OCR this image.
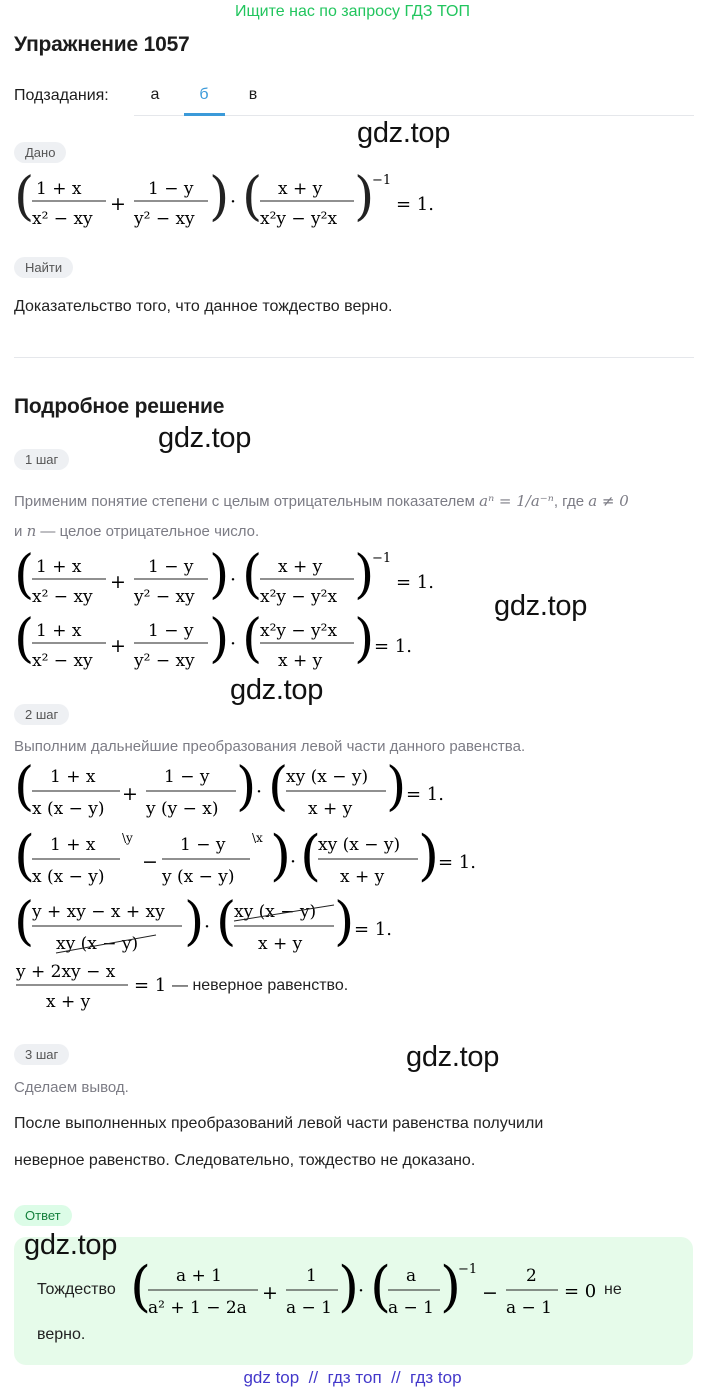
Ищите нас по запросу ГДЗ ТОП
Упражнение 1057
Подзадания:	а	б	в
gdz.top
gdz.top
gdz.top
gdz.top
gdz.top
Дано
( 1 + x
x² − xy
+
1 − y
y² − xy ) · ( x + y
x²y − y²x )
−1
= 1.
Найти
Доказательство того, что данное тождество верно.
Подробное решение
1 шаг
Применим понятие степени с целым отрицательным показателем aⁿ = 1/a⁻ⁿ, где a ≠ 0
и n — целое отрицательное число.
( 1 + x
x² − xy
+
1 − y
y² − xy ) · ( x + y
x²y − y²x )
−1
= 1.
( 1 + x
x² − xy
+
1 − y
y² − xy ) · (
x²y − y²x
x + y ) = 1.
2 шаг
Выполним дальнейшие преобразования левой части данного равенства.
( 1 + x
x (x − y)
+
1 − y
y (y − x) ) · (
xy (x − y)
x + y ) = 1.
( 1 + x
x (x − y)
\y
−
1 − y
y (x − y)
\x )
· (
xy (x − y)
x + y )
= 1.
(
y + xy − x + xy
xy (x − y) ) · (
xy (x − y)
x + y ) = 1.
y + 2xy − x
x + y
= 1 — неверное равенство.
3 шаг
Сделаем вывод.
После выполненных преобразований левой части равенства получили
неверное равенство. Следовательно, тождество не доказано.
Ответ
gdz.top
Тождество ( a + 1
a² + 1 − 2a
+
1
a − 1 )
· ( a
a − 1 )
−1
−
2
a − 1
= 0 не
верно.
gdz top  //  гдз топ  //  гдз top
